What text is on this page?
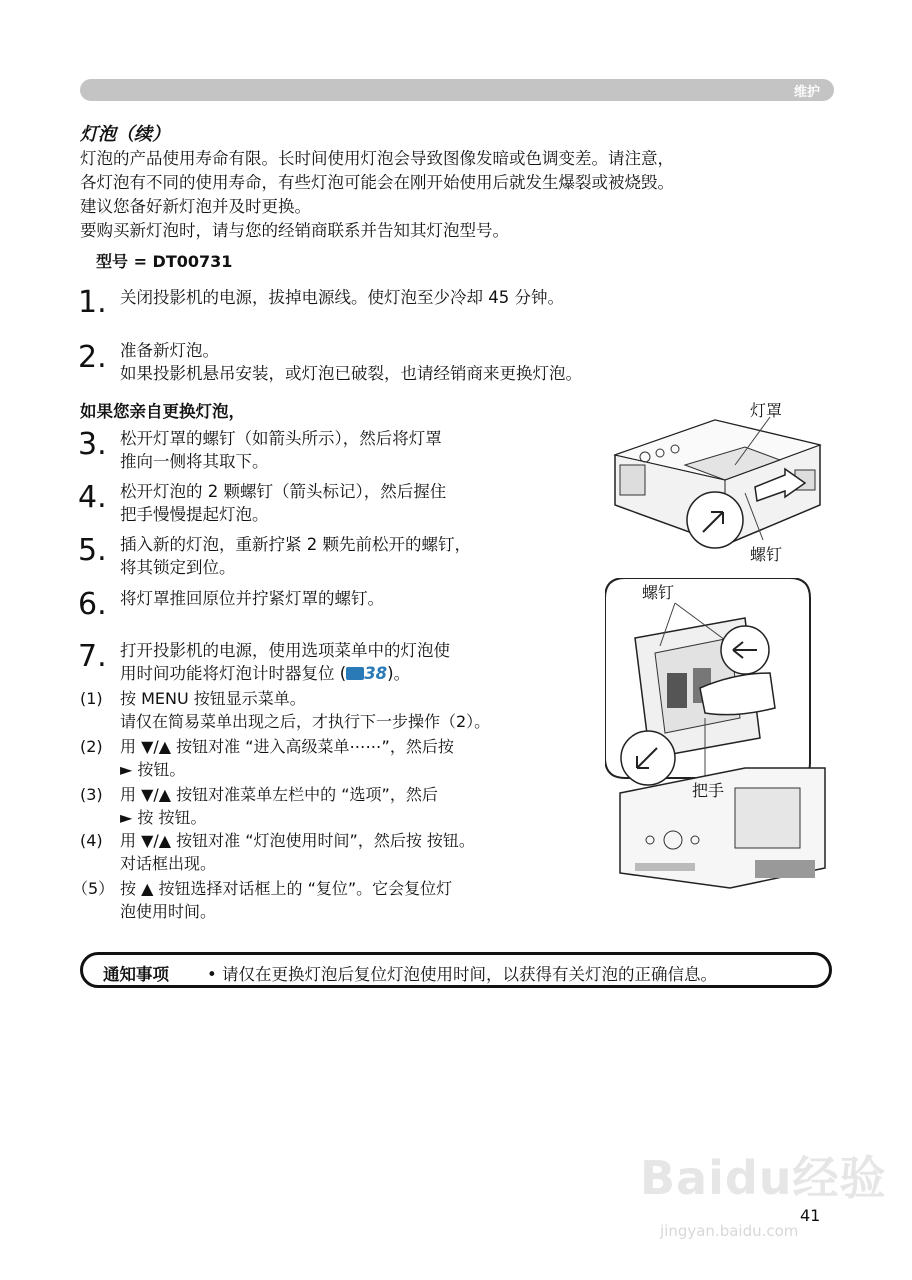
维护
灯泡（续）
灯泡的产品使用寿命有限。长时间使用灯泡会导致图像发暗或色调变差。请注意，
各灯泡有不同的使用寿命，有些灯泡可能会在刚开始使用后就发生爆裂或被烧毁。
建议您备好新灯泡并及时更换。
要购买新灯泡时，请与您的经销商联系并告知其灯泡型号。
型号 = DT00731
1. 关闭投影机的电源，拔掉电源线。使灯泡至少冷却 45 分钟。
2. 准备新灯泡。
如果投影机悬吊安装，或灯泡已破裂，也请经销商来更换灯泡。
如果您亲自更换灯泡，
3. 松开灯罩的螺钉（如箭头所示），然后将灯罩
推向一侧将其取下。
4. 松开灯泡的 2 颗螺钉（箭头标记），然后握住
把手慢慢提起灯泡。
5. 插入新的灯泡，重新拧紧 2 颗先前松开的螺钉，
将其锁定到位。
6. 将灯罩推回原位并拧紧灯罩的螺钉。
7. 打开投影机的电源，使用选项菜单中的灯泡使
用时间功能将灯泡计时器复位 ( 38)。
(1) 按 MENU 按钮显示菜单。
请仅在简易菜单出现之后，才执行下一步操作（2）。
(2) 用 ▼/▲ 按钮对准 “进入高级菜单⋯⋯”，然后按
► 按钮。
(3) 用 ▼/▲ 按钮对准菜单左栏中的 “选项”，然后
► 按 按钮。
(4) 用 ▼/▲ 按钮对准 “灯泡使用时间”，然后按 按钮。
对话框出现。
（5） 按 ▲ 按钮选择对话框上的 “复位”。它会复位灯
泡使用时间。
灯罩
螺钉
螺钉
把手
通知事项 • 请仅在更换灯泡后复位灯泡使用时间，以获得有关灯泡的正确信息。
Baidu经验
jingyan.baidu.com
41
